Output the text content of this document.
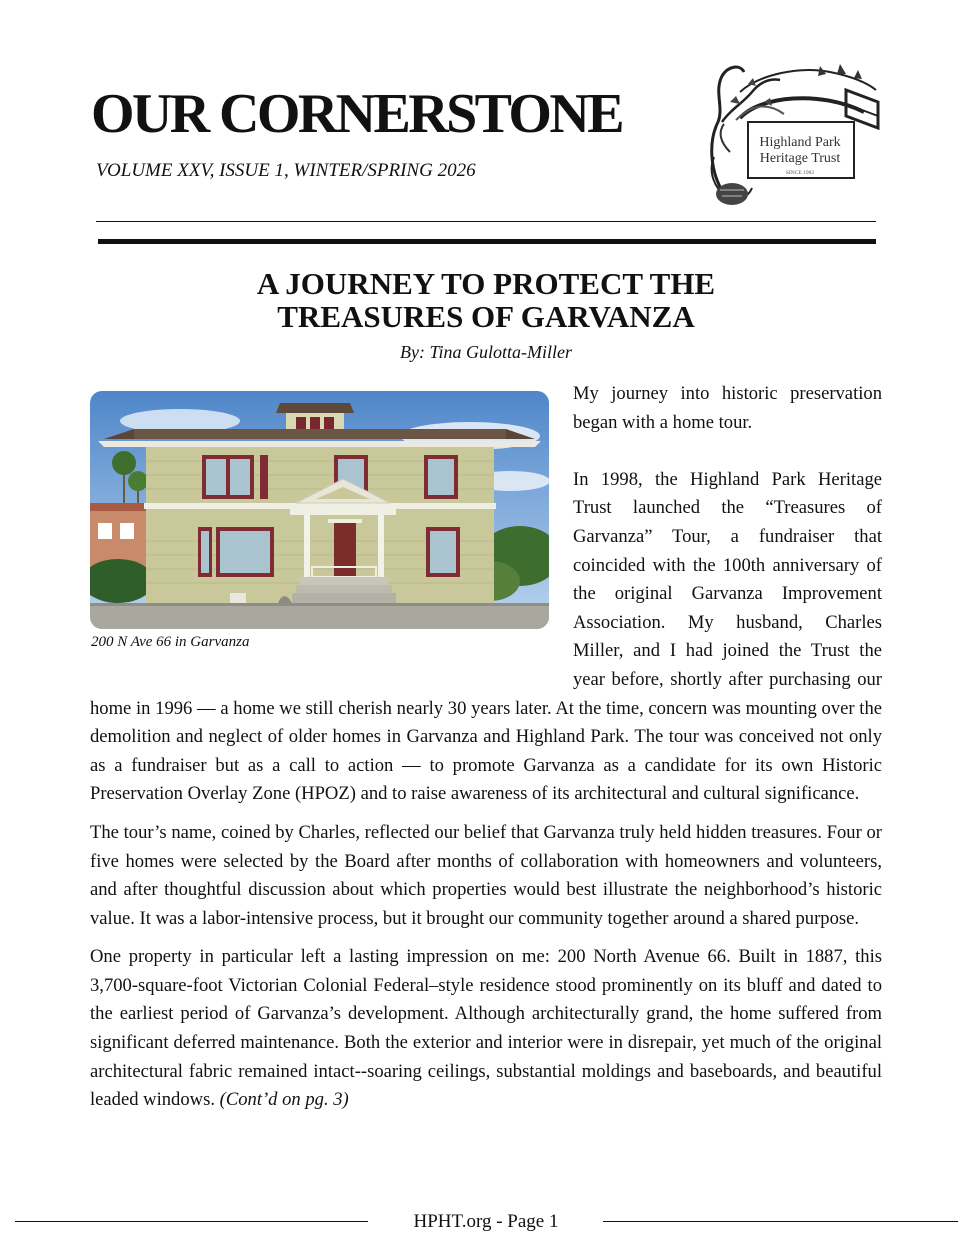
OUR CORNERSTONE

VOLUME XXV, ISSUE 1, WINTER/SPRING 2026

Highland Park
Heritage Trust
SINCE 1982
A JOURNEY TO PROTECT THE
TREASURES OF GARVANZA

By: Tina Gulotta-Miller

200 N Ave 66 in Garvanza

My journey into historic preservation began with a home tour.

In 1998, the Highland Park Heritage Trust launched the “Treasures of Garvanza” Tour, a fundraiser that coincided with the 100th anniversary of the original Garvanza Improvement Association. My husband, Charles Miller, and I had joined the Trust the year before, shortly after purchasing our home in 1996 — a home we still cherish nearly 30 years later. At the time, concern was mounting over the demolition and neglect of older homes in Garvanza and Highland Park. The tour was conceived not only as a fundraiser but as a call to action — to promote Garvanza as a candidate for its own Historic Preservation Overlay Zone (HPOZ) and to raise awareness of its architectural and cultural significance.

The tour’s name, coined by Charles, reflected our belief that Garvanza truly held hidden treasures. Four or five homes were selected by the Board after months of collaboration with homeowners and volunteers, and after thoughtful discussion about which properties would best illustrate the neighborhood’s historic value. It was a labor-intensive process, but it brought our community together around a shared purpose.

One property in particular left a lasting impression on me: 200 North Avenue 66. Built in 1887, this 3,700-square-foot Victorian Colonial Federal–style residence stood prominently on its bluff and dated to the earliest period of Garvanza’s development. Although architecturally grand, the home suffered from significant deferred maintenance. Both the exterior and interior were in disrepair, yet much of the original architectural fabric remained intact--soaring ceilings, substantial moldings and baseboards, and beautiful leaded windows. (Cont’d on pg. 3)

HPHT.org - Page 1
